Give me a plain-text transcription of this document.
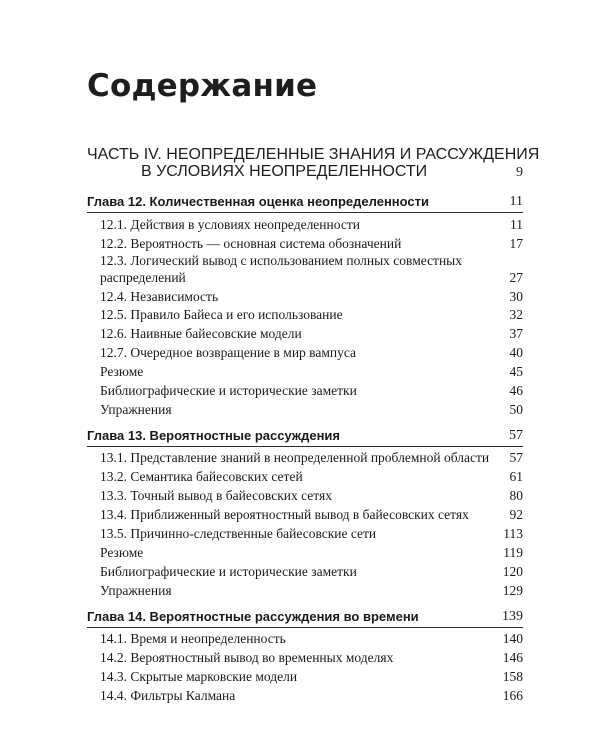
Содержание
ЧАСТЬ IV. НЕОПРЕДЕЛЕННЫЕ ЗНАНИЯ И РАССУЖДЕНИЯ
В УСЛОВИЯХ НЕОПРЕДЕЛЕННОСТИ	9
Глава 12. Количественная оценка неопределенности	11
12.1. Действия в условиях неопределенности	11
12.2. Вероятность — основная система обозначений	17
12.3. Логический вывод с использованием полных совместных
распределений	27
12.4. Независимость	30
12.5. Правило Байеса и его использование	32
12.6. Наивные байесовские модели	37
12.7. Очередное возвращение в мир вампуса	40
Резюме	45
Библиографические и исторические заметки	46
Упражнения	50
Глава 13. Вероятностные рассуждения	57
13.1. Представление знаний в неопределенной проблемной области 57
13.2. Семантика байесовских сетей	61
13.3. Точный вывод в байесовских сетях	80
13.4. Приближенный вероятностный вывод в байесовских сетях	92
13.5. Причинно-следственные байесовские сети	113
Резюме	119
Библиографические и исторические заметки	120
Упражнения	129
Глава 14. Вероятностные рассуждения во времени	139
14.1. Время и неопределенность	140
14.2. Вероятностный вывод во временных моделях	146
14.3. Скрытые марковские модели	158
14.4. Фильтры Калмана	166
